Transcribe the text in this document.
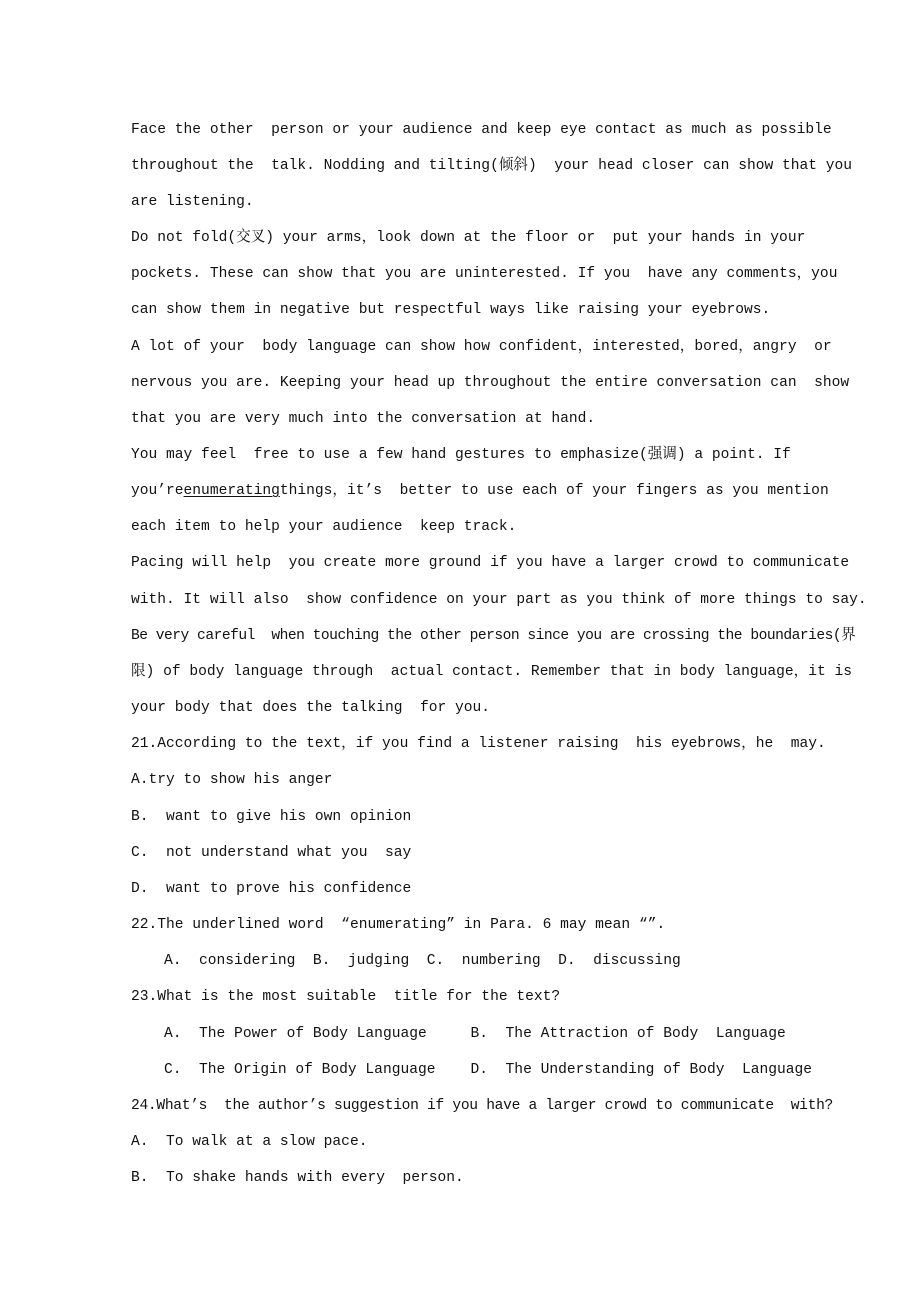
Face the other  person or your audience and keep eye contact as much as possible
throughout the  talk. Nodding and tilting(倾斜)  your head closer can show that you
are listening.
Do not fold(交叉) your arms，look down at the floor or  put your hands in your
pockets. These can show that you are uninterested. If you  have any comments，you
can show them in negative but respectful ways like raising your eyebrows.
A lot of your  body language can show how confident，interested，bored，angry  or
nervous you are. Keeping your head up throughout the entire conversation can  show
that you are very much into the conversation at hand.
You may feel  free to use a few hand gestures to emphasize(强调) a point. If
you’reenumeratingthings，it’s  better to use each of your fingers as you mention
each item to help your audience  keep track.
Pacing will help  you create more ground if you have a larger crowd to communicate
with. It will also  show confidence on your part as you think of more things to say.
Be very careful  when touching the other person since you are crossing the boundaries(界
限) of body language through  actual contact. Remember that in body language，it is
your body that does the talking  for you.
21.According to the text，if you find a listener raising  his eyebrows，he  may.
A.try to show his anger
B.  want to give his own opinion
C.  not understand what you  say
D.  want to prove his confidence
22.The underlined word  “enumerating” in Para. 6 may mean “”.
A.  considering  B.  judging  C.  numbering  D.  discussing
23.What is the most suitable  title for the text?
A.  The Power of Body Language     B.  The Attraction of Body  Language
C.  The Origin of Body Language    D.  The Understanding of Body  Language
24.What’s  the author’s suggestion if you have a larger crowd to communicate  with?
A.  To walk at a slow pace.
B.  To shake hands with every  person.
